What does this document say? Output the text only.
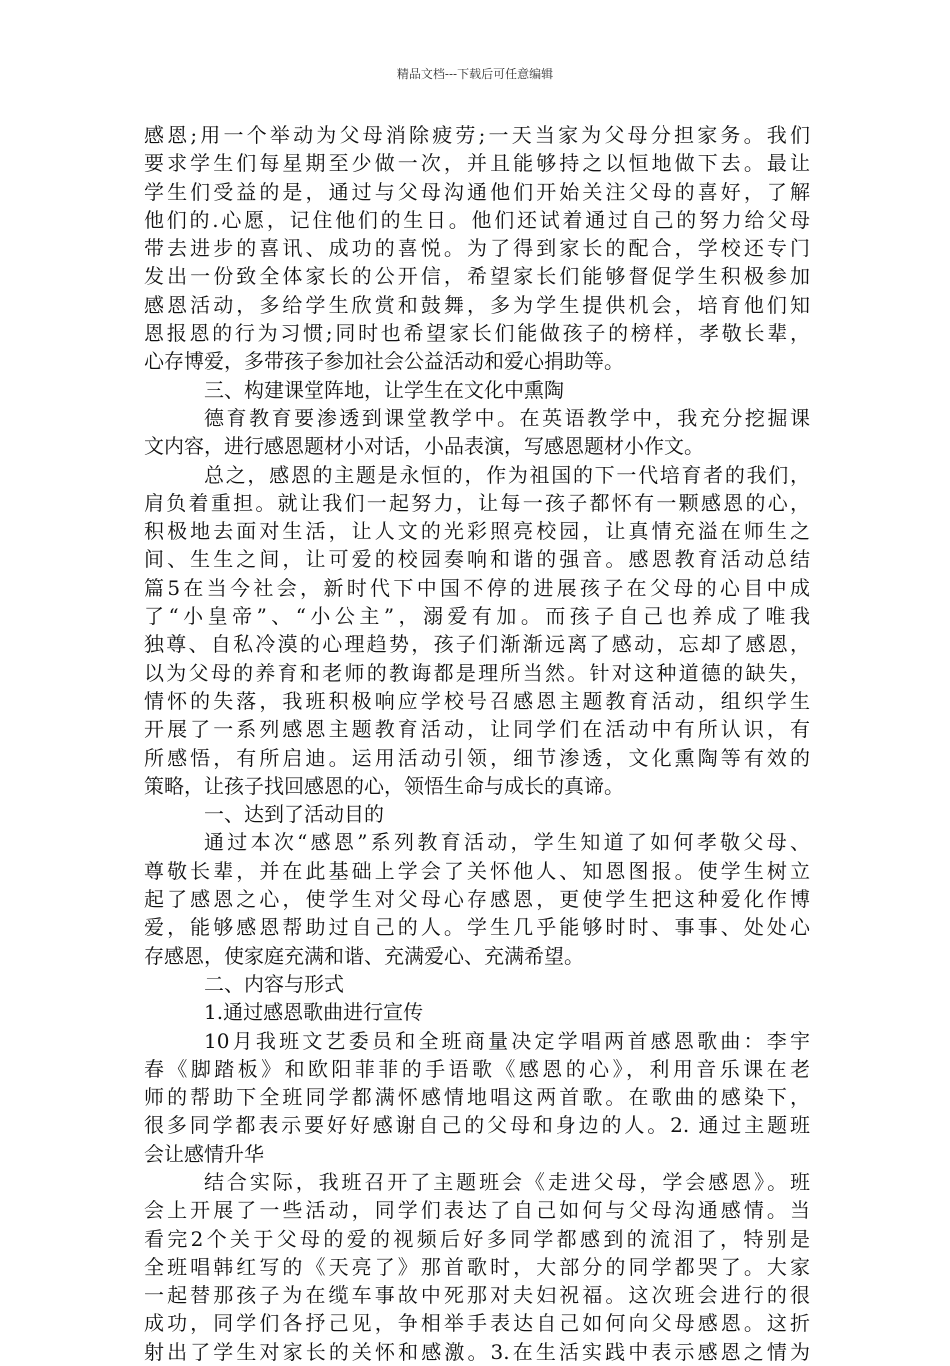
精品文档---下载后可任意编辑
感恩;用一个举动为父母消除疲劳;一天当家为父母分担家务。我们
要求学生们每星期至少做一次，并且能够持之以恒地做下去。最让
学生们受益的是，通过与父母沟通他们开始关注父母的喜好，了解
他们的.心愿，记住他们的生日。他们还试着通过自己的努力给父母
带去进步的喜讯、成功的喜悦。为了得到家长的配合，学校还专门
发出一份致全体家长的公开信，希望家长们能够督促学生积极参加
感恩活动，多给学生欣赏和鼓舞，多为学生提供机会，培育他们知
恩报恩的行为习惯;同时也希望家长们能做孩子的榜样，孝敬长辈，
心存博爱，多带孩子参加社会公益活动和爱心捐助等。
三、构建课堂阵地，让学生在文化中熏陶
德育教育要渗透到课堂教学中。在英语教学中，我充分挖掘课
文内容，进行感恩题材小对话，小品表演，写感恩题材小作文。
总之，感恩的主题是永恒的，作为祖国的下一代培育者的我们，
肩负着重担。就让我们一起努力，让每一孩子都怀有一颗感恩的心，
积极地去面对生活，让人文的光彩照亮校园，让真情充溢在师生之
间、生生之间，让可爱的校园奏响和谐的强音。感恩教育活动总结
篇5在当今社会，新时代下中国不停的进展孩子在父母的心目中成
了“小皇帝”、“小公主”，溺爱有加。而孩子自己也养成了唯我
独尊、自私冷漠的心理趋势，孩子们渐渐远离了感动，忘却了感恩，
以为父母的养育和老师的教诲都是理所当然。针对这种道德的缺失，
情怀的失落，我班积极响应学校号召感恩主题教育活动，组织学生
开展了一系列感恩主题教育活动，让同学们在活动中有所认识，有
所感悟，有所启迪。运用活动引领，细节渗透，文化熏陶等有效的
策略，让孩子找回感恩的心，领悟生命与成长的真谛。
一、达到了活动目的
通过本次“感恩”系列教育活动，学生知道了如何孝敬父母、
尊敬长辈，并在此基础上学会了关怀他人、知恩图报。使学生树立
起了感恩之心，使学生对父母心存感恩，更使学生把这种爱化作博
爱，能够感恩帮助过自己的人。学生几乎能够时时、事事、处处心
存感恩，使家庭充满和谐、充满爱心、充满希望。
二、内容与形式
1.通过感恩歌曲进行宣传
10月我班文艺委员和全班商量决定学唱两首感恩歌曲：李宇
春《脚踏板》和欧阳菲菲的手语歌《感恩的心》，利用音乐课在老
师的帮助下全班同学都满怀感情地唱这两首歌。在歌曲的感染下，
很多同学都表示要好好感谢自己的父母和身边的人。2. 通过主题班
会让感情升华
结合实际，我班召开了主题班会《走进父母，学会感恩》。班
会上开展了一些活动，同学们表达了自己如何与父母沟通感情。当
看完2个关于父母的爱的视频后好多同学都感到的流泪了，特别是
全班唱韩红写的《天亮了》那首歌时，大部分的同学都哭了。大家
一起替那孩子为在缆车事故中死那对夫妇祝福。这次班会进行的很
成功，同学们各抒己见，争相举手表达自己如何向父母感恩。这折
射出了学生对家长的关怀和感激。3.在生活实践中表示感恩之情为
